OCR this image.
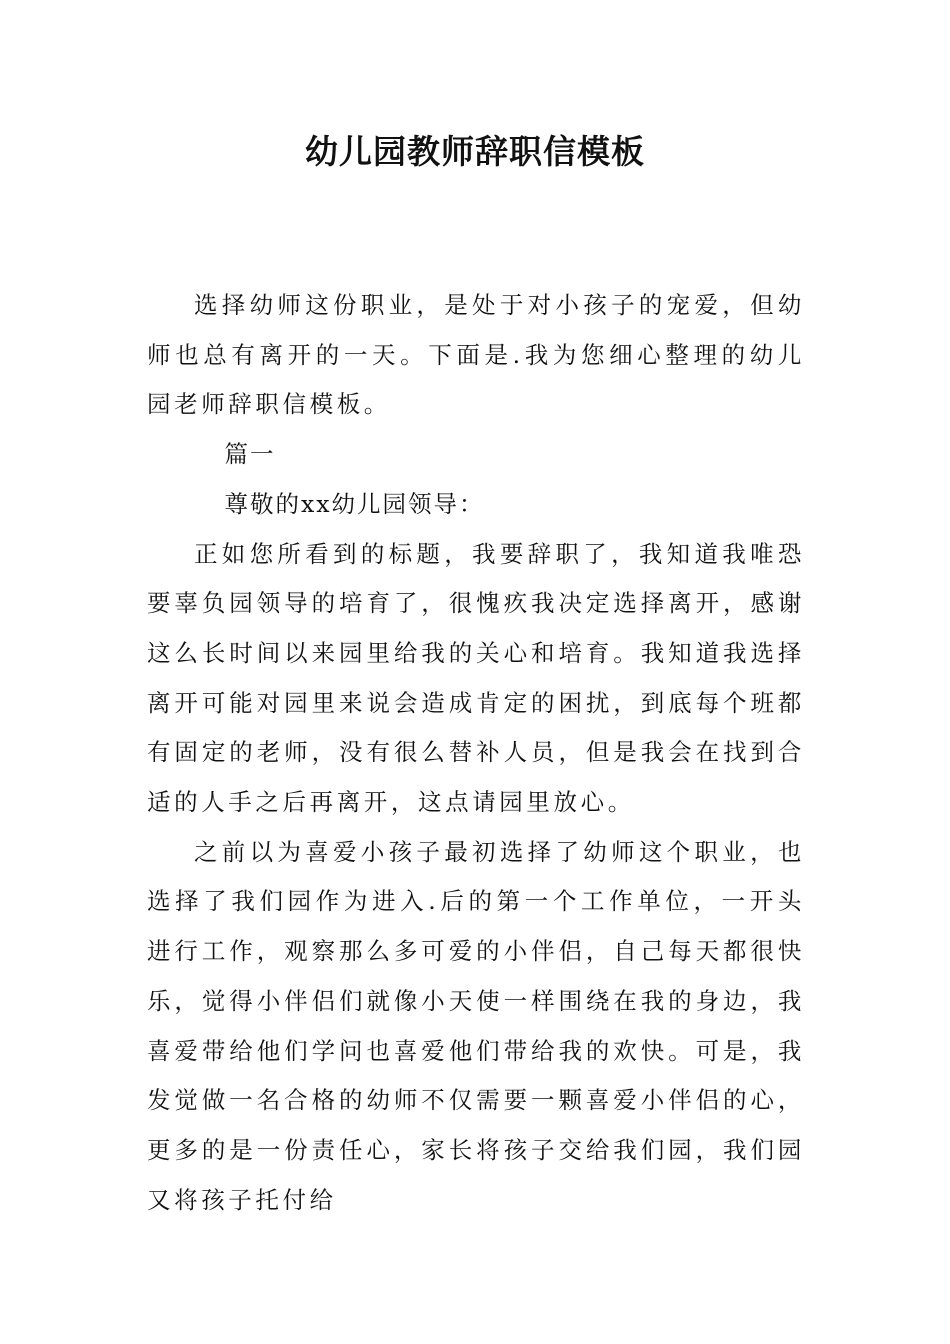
幼儿园教师辞职信模板

选择幼师这份职业，是处于对小孩子的宠爱，但幼师也总有离开的一天。下面是.我为您细心整理的幼儿园老师辞职信模板。

篇一

尊敬的xx幼儿园领导：

正如您所看到的标题，我要辞职了，我知道我唯恐要辜负园领导的培育了，很愧疚我决定选择离开，感谢这么长时间以来园里给我的关心和培育。我知道我选择离开可能对园里来说会造成肯定的困扰，到底每个班都有固定的老师，没有很么替补人员，但是我会在找到合适的人手之后再离开，这点请园里放心。

之前以为喜爱小孩子最初选择了幼师这个职业，也选择了我们园作为进入.后的第一个工作单位，一开头进行工作，观察那么多可爱的小伴侣，自己每天都很快乐，觉得小伴侣们就像小天使一样围绕在我的身边，我喜爱带给他们学问也喜爱他们带给我的欢快。可是，我发觉做一名合格的幼师不仅需要一颗喜爱小伴侣的心，更多的是一份责任心，家长将孩子交给我们园，我们园又将孩子托付给
